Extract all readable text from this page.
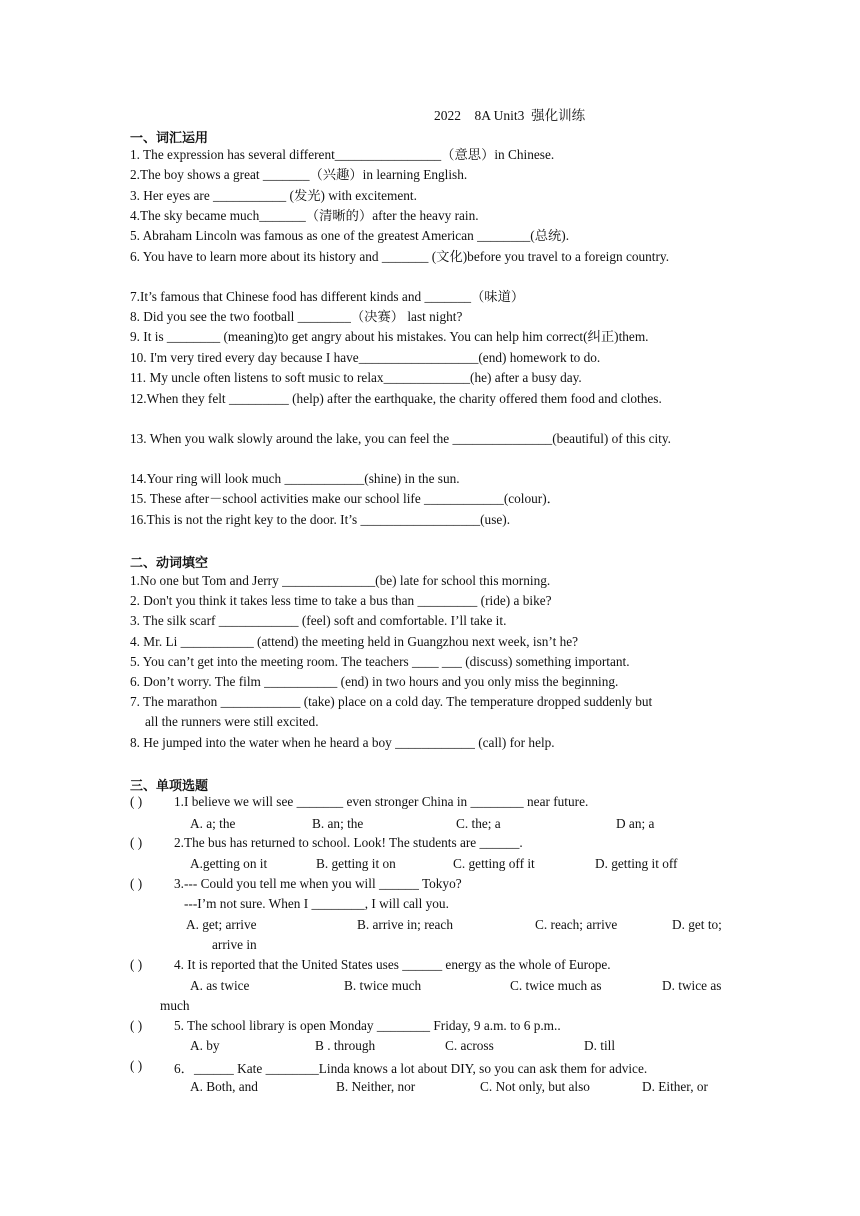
2022    8A Unit3  强化训练
一、词汇运用
1. The expression has several different________________（意思）in Chinese.
2.The boy shows a great _______（兴趣）in learning English.
3. Her eyes are ___________ (发光) with excitement.
4.The sky became much_______（清晰的）after the heavy rain.
5. Abraham Lincoln was famous as one of the greatest American ________(总统).
6. You have to learn more about its history and _______ (文化)before you travel to a foreign country.
7.It’s famous that Chinese food has different kinds and _______（味道）
8. Did you see the two football ________（决赛） last night?
9. It is ________ (meaning)to get angry about his mistakes. You can help him correct(纠正)them.
10. I'm very tired every day because I have__________________(end) homework to do.
11. My uncle often listens to soft music to relax_____________(he) after a busy day.
12.When they felt _________ (help) after the earthquake, the charity offered them food and clothes.
13. When you walk slowly around the lake, you can feel the _______________(beautiful) of this city.
14.Your ring will look much ____________(shine) in the sun.
15. These after－school activities make our school life ____________(colour)．
16.This is not the right key to the door. It’s __________________(use).
二、动词填空
1.No one but Tom and Jerry ______________(be) late for school this morning.
2. Don't you think it takes less time to take a bus than _________ (ride) a bike?
3. The silk scarf ____________ (feel) soft and comfortable. I’ll take it.
4. Mr. Li ___________ (attend) the meeting held in Guangzhou next week, isn’t he?
5. You can’t get into the meeting room. The teachers ____ ___ (discuss) something important.
6. Don’t worry. The film ___________ (end) in two hours and you only miss the beginning.
7. The marathon ____________ (take) place on a cold day. The temperature dropped suddenly but
all the runners were still excited.
8. He jumped into the water when he heard a boy ____________ (call) for help.
三、单项选题
( ) 1.I believe we will see _______ even stronger China in ________ near future.
A. a; the	B. an; the	C. the; a	D an; a
( ) 2.The bus has returned to school. Look! The students are ______.
A.getting on it	B. getting it on	C. getting off it	D. getting it off
( ) 3.--- Could you tell me when you will ______ Tokyo?
---I’m not sure. When I ________, I will call you.
A. get; arrive	B. arrive in; reach	C. reach; arrive	D. get to;
arrive in
( ) 4. It is reported that the United States uses ______ energy as the whole of Europe.
A. as twice	B. twice much	C. twice much as	D. twice as
much
( ) 5. The school library is open Monday ________ Friday, 9 a.m. to 6 p.m..
A. by	B . through	C. across	D. till
( ) 6．______ Kate ________Linda knows a lot about DIY, so you can ask them for advice.
A. Both, and	B. Neither, nor	C. Not only, but also	D. Either, or
